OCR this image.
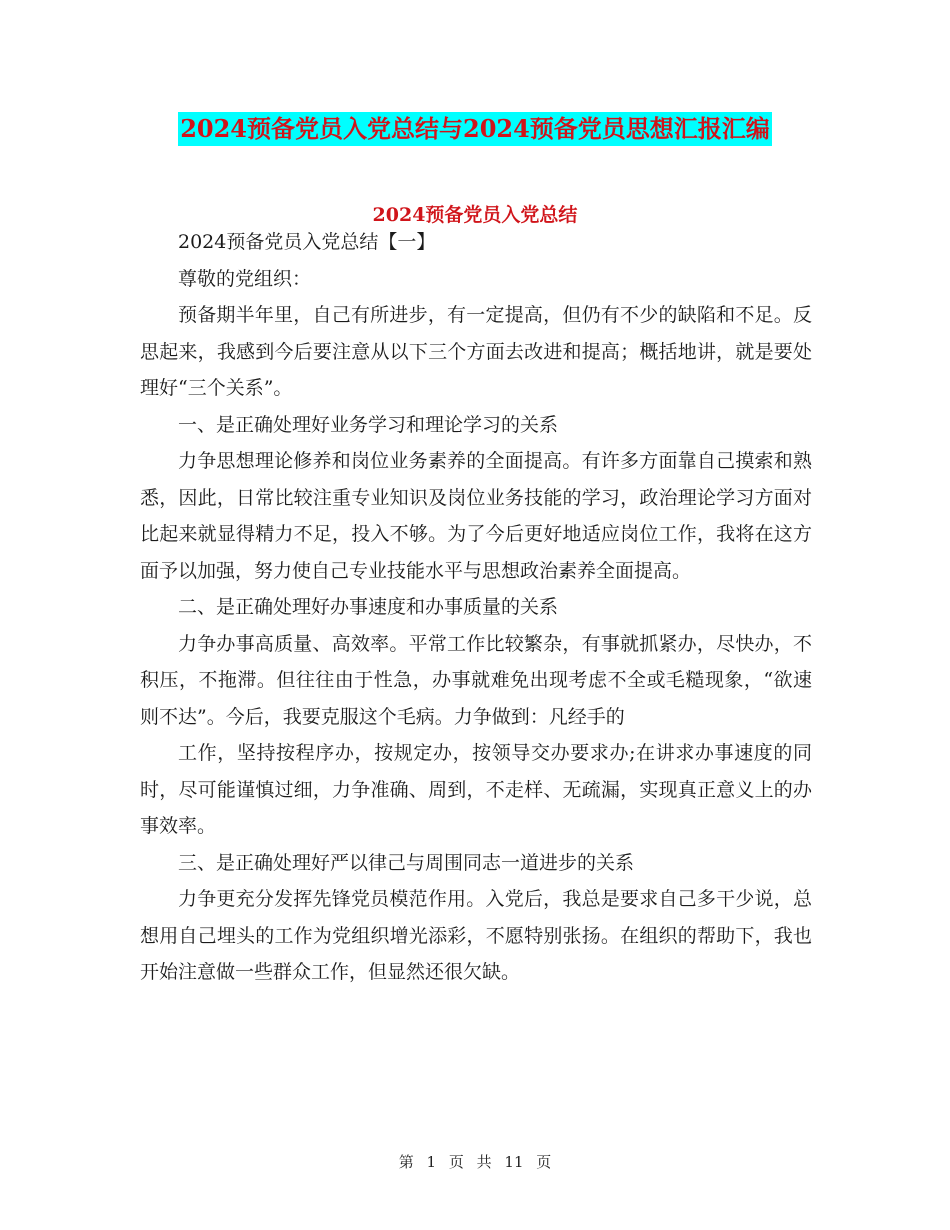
2024预备党员入党总结与2024预备党员思想汇报汇编
2024预备党员入党总结

2024预备党员入党总结【一】

尊敬的党组织：

预备期半年里，自己有所进步，有一定提高，但仍有不少的缺陷和不足。反思起来，我感到今后要注意从以下三个方面去改进和提高；概括地讲，就是要处理好“三个关系”。

一、是正确处理好业务学习和理论学习的关系

力争思想理论修养和岗位业务素养的全面提高。有许多方面靠自己摸索和熟悉，因此，日常比较注重专业知识及岗位业务技能的学习，政治理论学习方面对比起来就显得精力不足，投入不够。为了今后更好地适应岗位工作，我将在这方面予以加强，努力使自己专业技能水平与思想政治素养全面提高。

二、是正确处理好办事速度和办事质量的关系

力争办事高质量、高效率。平常工作比较繁杂，有事就抓紧办，尽快办，不积压，不拖滞。但往往由于性急，办事就难免出现考虑不全或毛糙现象，“欲速则不达”。今后，我要克服这个毛病。力争做到：凡经手的

工作，坚持按程序办，按规定办，按领导交办要求办;在讲求办事速度的同时，尽可能谨慎过细，力争准确、周到，不走样、无疏漏，实现真正意义上的办事效率。

三、是正确处理好严以律己与周围同志一道进步的关系

力争更充分发挥先锋党员模范作用。入党后，我总是要求自己多干少说，总想用自己埋头的工作为党组织增光添彩，不愿特别张扬。在组织的帮助下，我也开始注意做一些群众工作，但显然还很欠缺。

第 1 页 共 11 页
